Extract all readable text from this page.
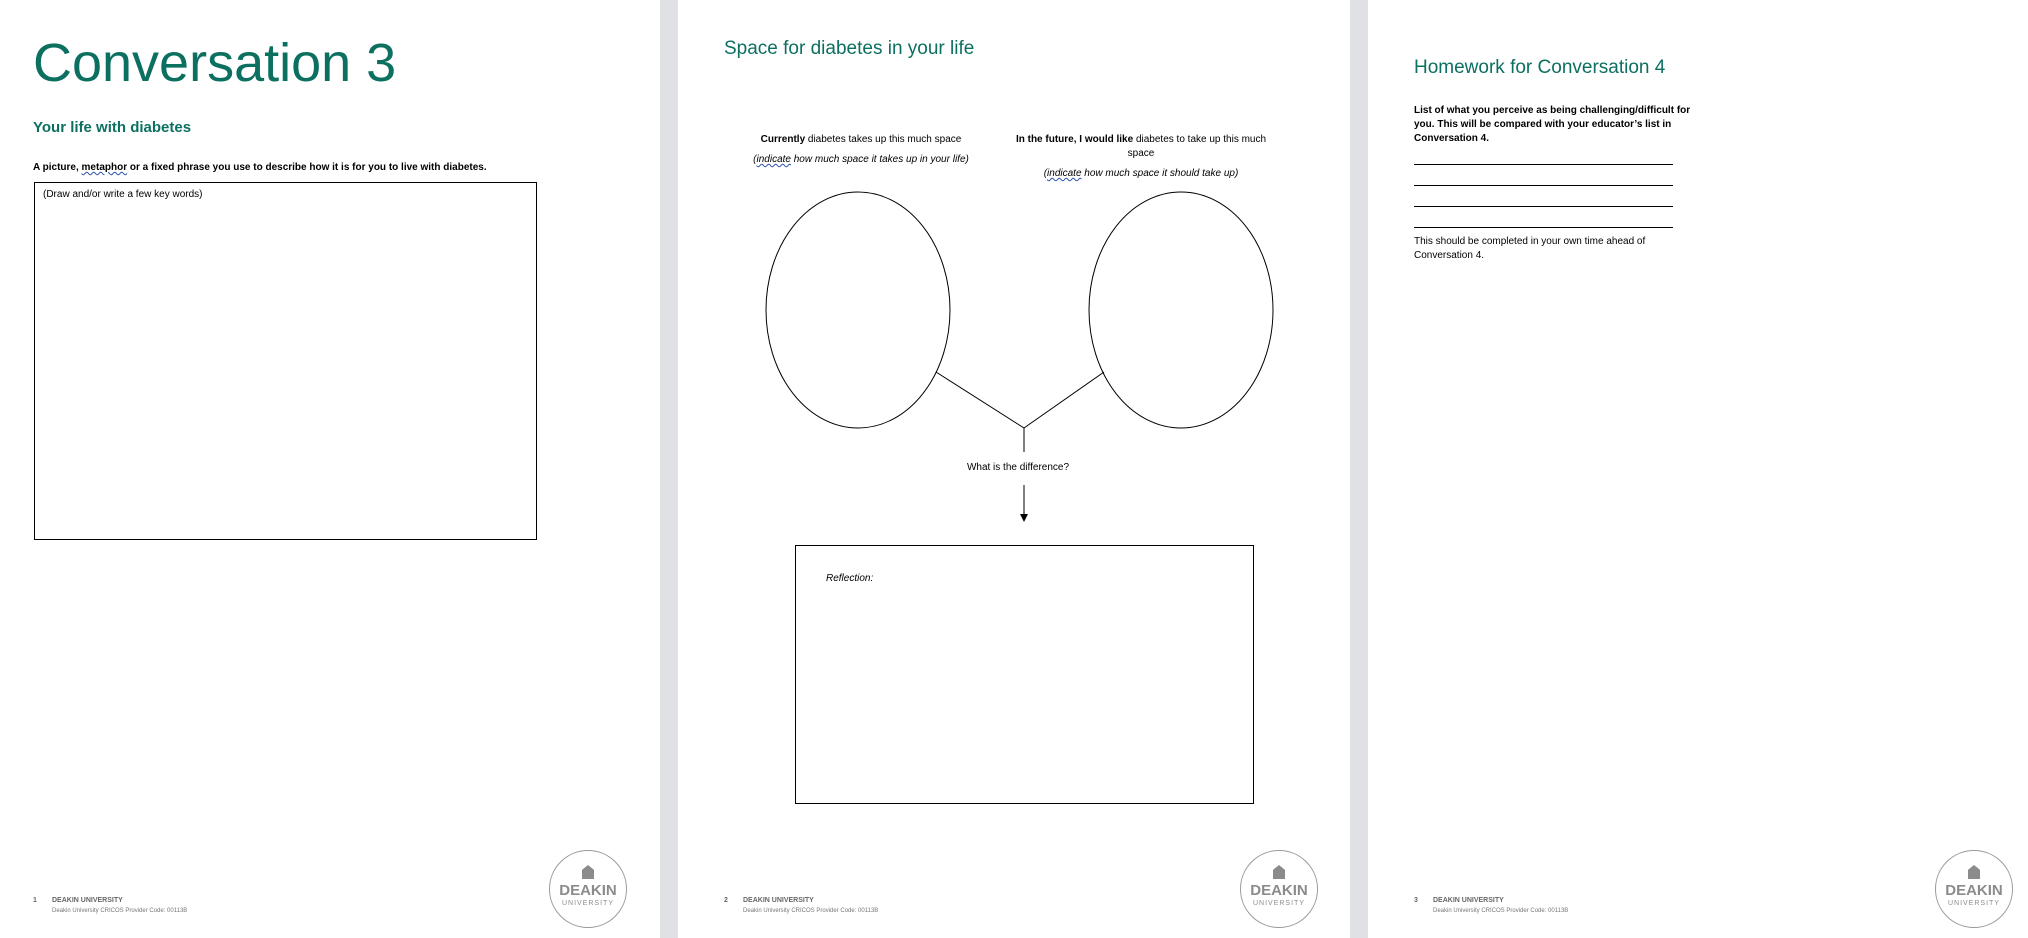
Conversation 3
Your life with diabetes
A picture, metaphor or a fixed phrase you use to describe how it is for you to live with diabetes.
(Draw and/or write a few key words)
1 DEAKIN UNIVERSITY
Deakin University CRICOS Provider Code: 00113B
DEAKIN
UNIVERSITY
Space for diabetes in your life
Currently diabetes takes up this much space
(indicate how much space it takes up in your life)
In the future, I would like diabetes to take up this much space
(indicate how much space it should take up)
What is the difference?
Reflection:
2 DEAKIN UNIVERSITY
Deakin University CRICOS Provider Code: 00113B
DEAKIN
UNIVERSITY
Homework for Conversation 4
List of what you perceive as being challenging/difficult for you. This will be compared with your educator’s list in Conversation 4.
This should be completed in your own time ahead of Conversation 4.
3 DEAKIN UNIVERSITY
Deakin University CRICOS Provider Code: 00113B
DEAKIN
UNIVERSITY
